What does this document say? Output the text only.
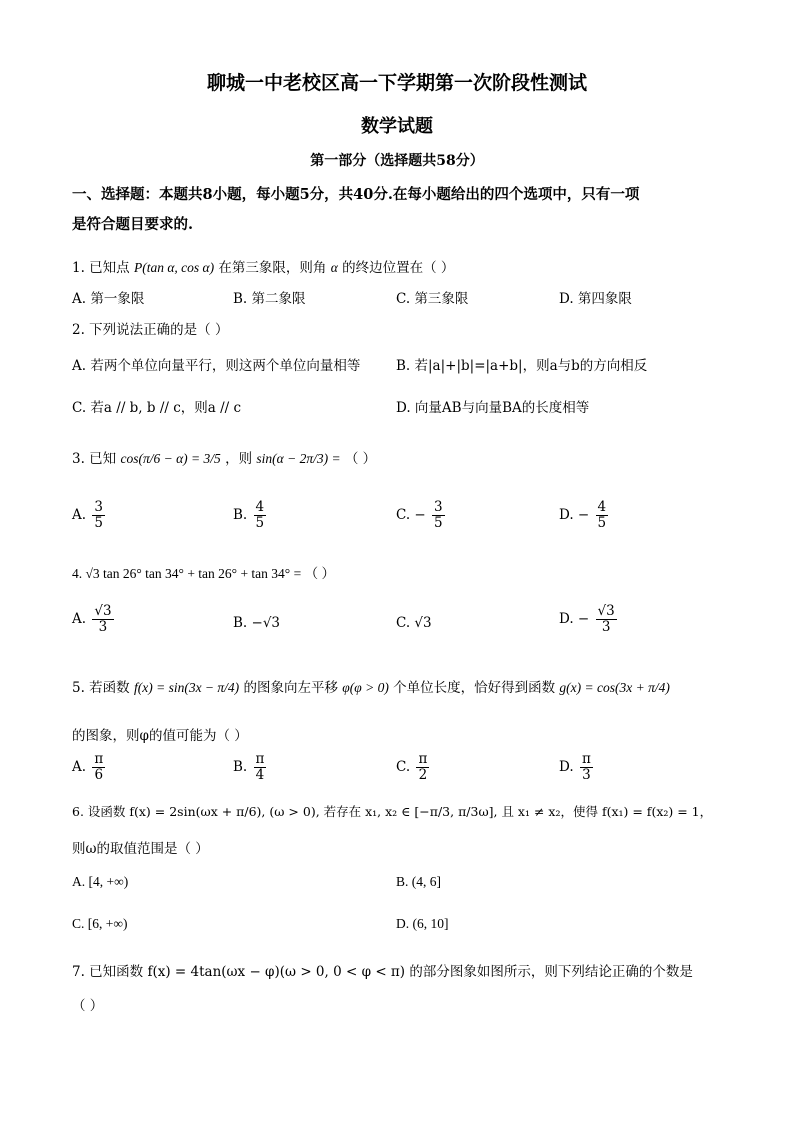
聊城一中老校区高一下学期第一次阶段性测试
数学试题
第一部分（选择题共58分）
一、选择题：本题共8小题，每小题5分，共40分.在每小题给出的四个选项中，只有一项
是符合题目要求的.
1. 已知点 P(tan α, cos α) 在第三象限，则角 α 的终边位置在（ ）
A. 第一象限	B. 第二象限	C. 第三象限	D. 第四象限
2. 下列说法正确的是（ ）
A. 若两个单位向量平行，则这两个单位向量相等	B. 若|a|+|b|=|a+b|，则a与b的方向相反
C. 若a // b, b // c，则a // c	D. 向量AB与向量BA的长度相等
3. 已知 cos(π/6 − α) = 3/5 ，则 sin(α − 2π/3) = （ ）
A. $\frac{3}{5}$	B. $\frac{4}{5}$	C. − $\frac{3}{5}$	D. − $\frac{4}{5}$
4. √3 tan 26° tan 34° + tan 26° + tan 34° = （ ）
A. $\frac{√3}{3}$	B. −√3	C. √3	D. − $\frac{√3}{3}$
5. 若函数 f(x) = sin(3x − π/4) 的图象向左平移 φ(φ > 0) 个单位长度，恰好得到函数 g(x) = cos(3x + π/4)
的图象，则φ的值可能为（ ）
A. $\frac{\pi}{6}$	B. $\frac{\pi}{4}$	C. $\frac{\pi}{2}$	D. $\frac{\pi}{3}$
6. 设函数 f(x) = 2sin(ωx + π/6), (ω > 0), 若存在 x₁, x₂ ∈ [−π/3, π/3ω], 且 x₁ ≠ x₂，使得 f(x₁) = f(x₂) = 1，
则ω的取值范围是（ ）
A. [4, +∞)	B. (4, 6]
C. [6, +∞)	D. (6, 10]
7. 已知函数 f(x) = 4tan(ωx − φ)(ω > 0, 0 < φ < π) 的部分图象如图所示，则下列结论正确的个数是
（ ）
